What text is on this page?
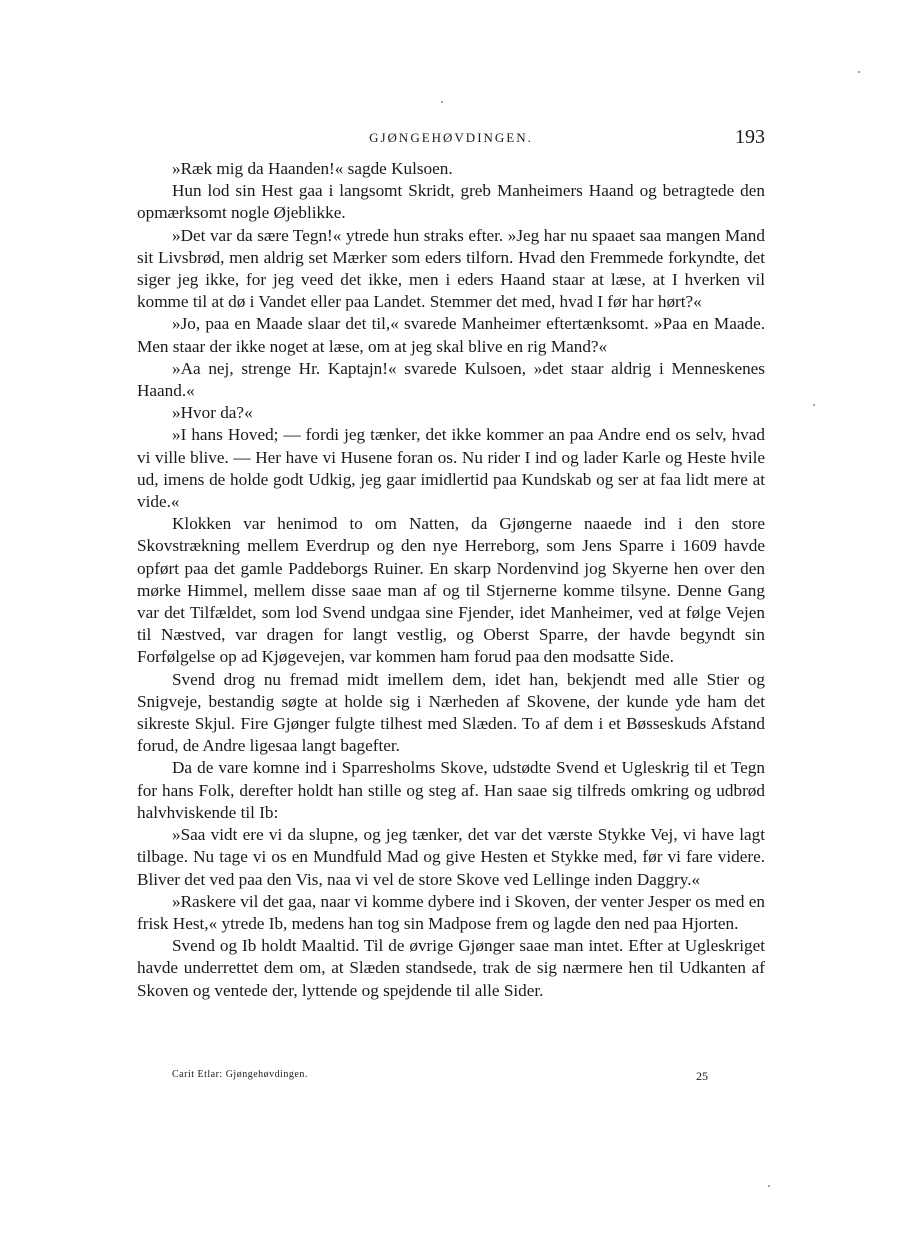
GJØNGEHØVDINGEN.	193

»Ræk mig da Haanden!« sagde Kulsoen.

Hun lod sin Hest gaa i langsomt Skridt, greb Manheimers Haand og betragtede den opmærksomt nogle Øjeblikke.

»Det var da sære Tegn!« ytrede hun straks efter. »Jeg har nu spaaet saa mangen Mand sit Livsbrød, men aldrig set Mærker som eders tilforn. Hvad den Fremmede forkyndte, det siger jeg ikke, for jeg veed det ikke, men i eders Haand staar at læse, at I hverken vil komme til at dø i Vandet eller paa Landet. Stemmer det med, hvad I før har hørt?«

»Jo, paa en Maade slaar det til,« svarede Manheimer eftertænksomt. »Paa en Maade. Men staar der ikke noget at læse, om at jeg skal blive en rig Mand?«

»Aa nej, strenge Hr. Kaptajn!« svarede Kulsoen, »det staar aldrig i Menneskenes Haand.«

»Hvor da?«

»I hans Hoved; — fordi jeg tænker, det ikke kommer an paa Andre end os selv, hvad vi ville blive. — Her have vi Husene foran os. Nu rider I ind og lader Karle og Heste hvile ud, imens de holde godt Udkig, jeg gaar imidlertid paa Kundskab og ser at faa lidt mere at vide.«

Klokken var henimod to om Natten, da Gjøngerne naaede ind i den store Skovstrækning mellem Everdrup og den nye Herreborg, som Jens Sparre i 1609 havde opført paa det gamle Paddeborgs Ruiner. En skarp Nordenvind jog Skyerne hen over den mørke Himmel, mellem disse saae man af og til Stjernerne komme tilsyne. Denne Gang var det Tilfældet, som lod Svend undgaa sine Fjender, idet Manheimer, ved at følge Vejen til Næstved, var dragen for langt vestlig, og Oberst Sparre, der havde begyndt sin Forfølgelse op ad Kjøgevejen, var kommen ham forud paa den modsatte Side.

Svend drog nu fremad midt imellem dem, idet han, bekjendt med alle Stier og Snigveje, bestandig søgte at holde sig i Nærheden af Skovene, der kunde yde ham det sikreste Skjul. Fire Gjønger fulgte tilhest med Slæden. To af dem i et Bøsseskuds Afstand forud, de Andre ligesaa langt bagefter.

Da de vare komne ind i Sparresholms Skove, udstødte Svend et Ugleskrig til et Tegn for hans Folk, derefter holdt han stille og steg af. Han saae sig tilfreds omkring og udbrød halvhviskende til Ib:

»Saa vidt ere vi da slupne, og jeg tænker, det var det værste Stykke Vej, vi have lagt tilbage. Nu tage vi os en Mundfuld Mad og give Hesten et Stykke med, før vi fare videre. Bliver det ved paa den Vis, naa vi vel de store Skove ved Lellinge inden Daggry.«

»Raskere vil det gaa, naar vi komme dybere ind i Skoven, der venter Jesper os med en frisk Hest,« ytrede Ib, medens han tog sin Madpose frem og lagde den ned paa Hjorten.

Svend og Ib holdt Maaltid. Til de øvrige Gjønger saae man intet. Efter at Ugleskriget havde underrettet dem om, at Slæden standsede, trak de sig nærmere hen til Udkanten af Skoven og ventede der, lyttende og spejdende til alle Sider.

Carit Etlar: Gjøngehøvdingen.	25
